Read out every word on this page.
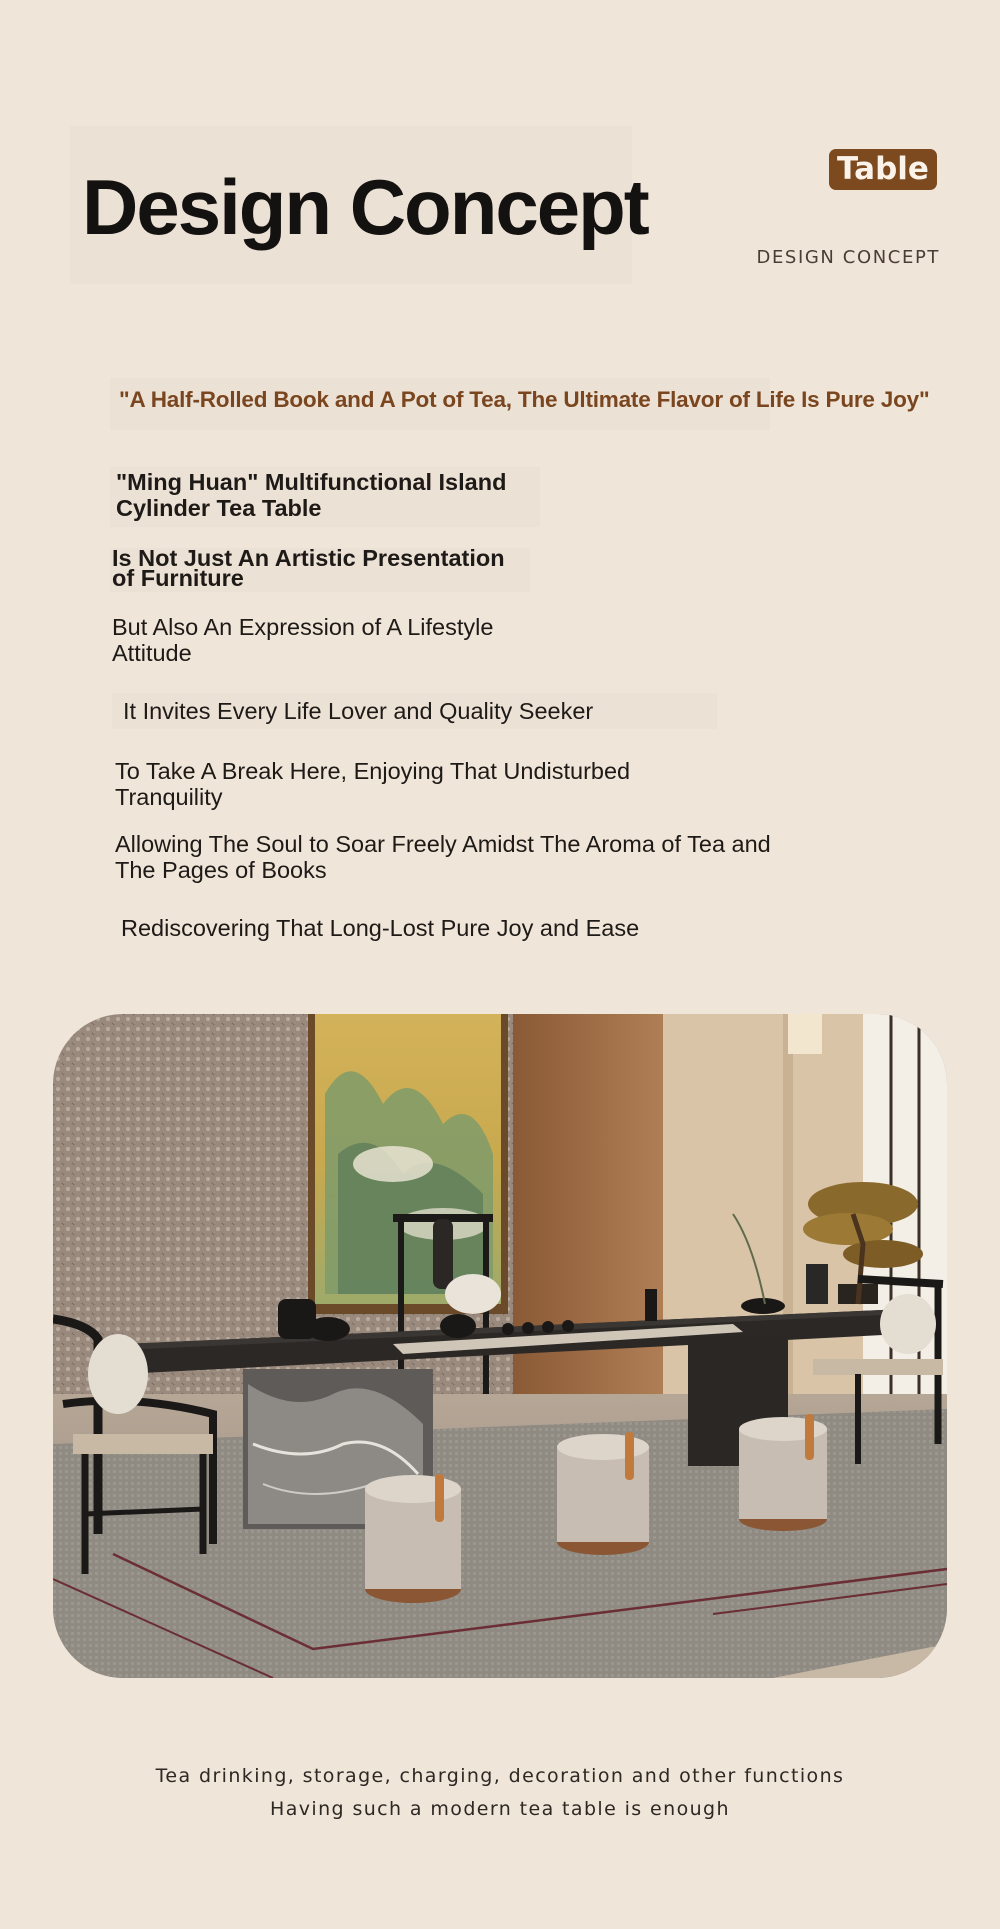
Design Concept	Table
DESIGN CONCEPT
"A Half-Rolled Book and A Pot of Tea, The Ultimate Flavor of Life Is Pure Joy"
"Ming Huan" Multifunctional Island
Cylinder Tea Table
Is Not Just An Artistic Presentation
of Furniture
But Also An Expression of A Lifestyle
Attitude
It Invites Every Life Lover and Quality Seeker
To Take A Break Here, Enjoying That Undisturbed
Tranquility
Allowing The Soul to Soar Freely Amidst The Aroma of Tea and
The Pages of Books
Rediscovering That Long-Lost Pure Joy and Ease
Tea drinking, storage, charging, decoration and other functions
Having such a modern tea table is enough
